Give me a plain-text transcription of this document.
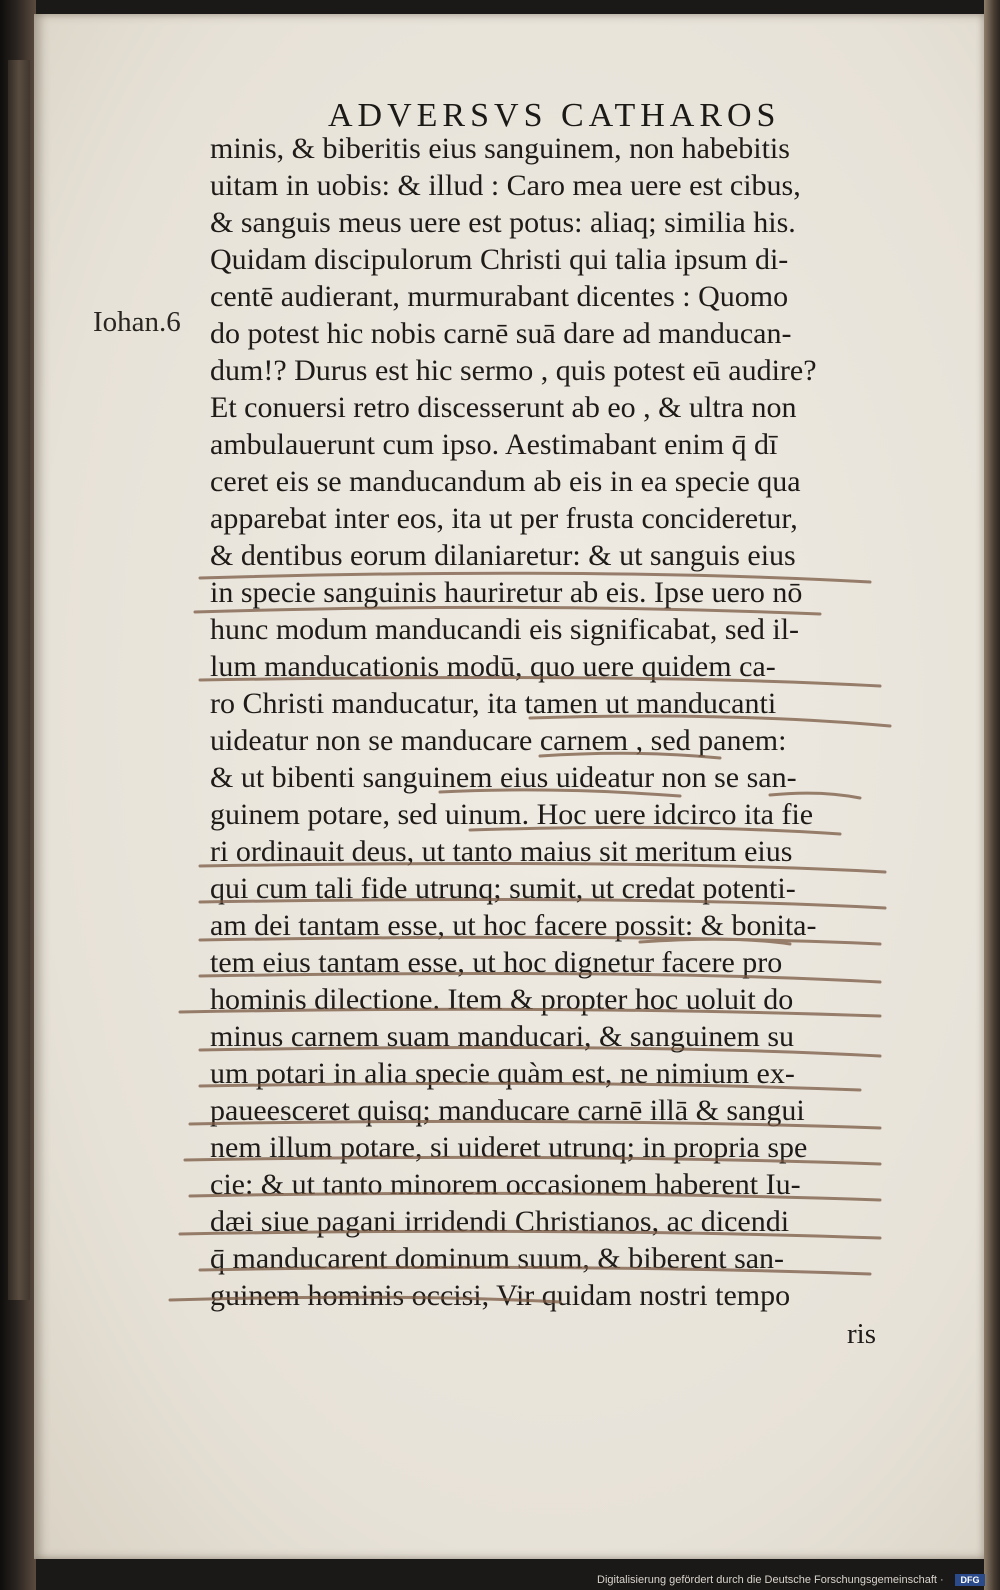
ADVERSVS CATHAROS
Iohan.6
minis, & biberitis eius sanguinem, non habebitis
uitam in uobis: & illud : Caro mea uere est cibus,
& sanguis meus uere est potus: aliaq; similia his.
Quidam discipulorum Christi qui talia ipsum di-
centē audierant, murmurabant dicentes : Quomo
do potest hic nobis carnē suā dare ad manducan-
dum!? Durus est hic sermo , quis potest eū audire?
Et conuersi retro discesserunt ab eo , & ultra non
ambulauerunt cum ipso. Aestimabant enim q̄ dī
ceret eis se manducandum ab eis in ea specie qua
apparebat inter eos, ita ut per frusta concideretur,
& dentibus eorum dilaniaretur: & ut sanguis eius
in specie sanguinis hauriretur ab eis. Ipse uero nō
hunc modum manducandi eis significabat, sed il-
lum manducationis modū, quo uere quidem ca-
ro Christi manducatur, ita tamen ut manducanti
uideatur non se manducare carnem , sed panem:
& ut bibenti sanguinem eius uideatur non se san-
guinem potare, sed uinum. Hoc uere idcirco ita fie
ri ordinauit deus, ut tanto maius sit meritum eius
qui cum tali fide utrunq; sumit, ut credat potenti-
am dei tantam esse, ut hoc facere possit: & bonita-
tem eius tantam esse, ut hoc dignetur facere pro
hominis dilectione. Item & propter hoc uoluit do
minus carnem suam manducari, & sanguinem su
um potari in alia specie quàm est, ne nimium ex-
paueesceret quisq; manducare carnē illā & sangui
nem illum potare, si uideret utrunq; in propria spe
cie: & ut tanto minorem occasionem haberent Iu-
dæi siue pagani irridendi Christianos, ac dicendi
q̄ manducarent dominum suum, & biberent san-
guinem hominis occisi, Vir quidam nostri tempo
ris
Digitalisierung gefördert durch die Deutsche Forschungsgemeinschaft ·	DFG
